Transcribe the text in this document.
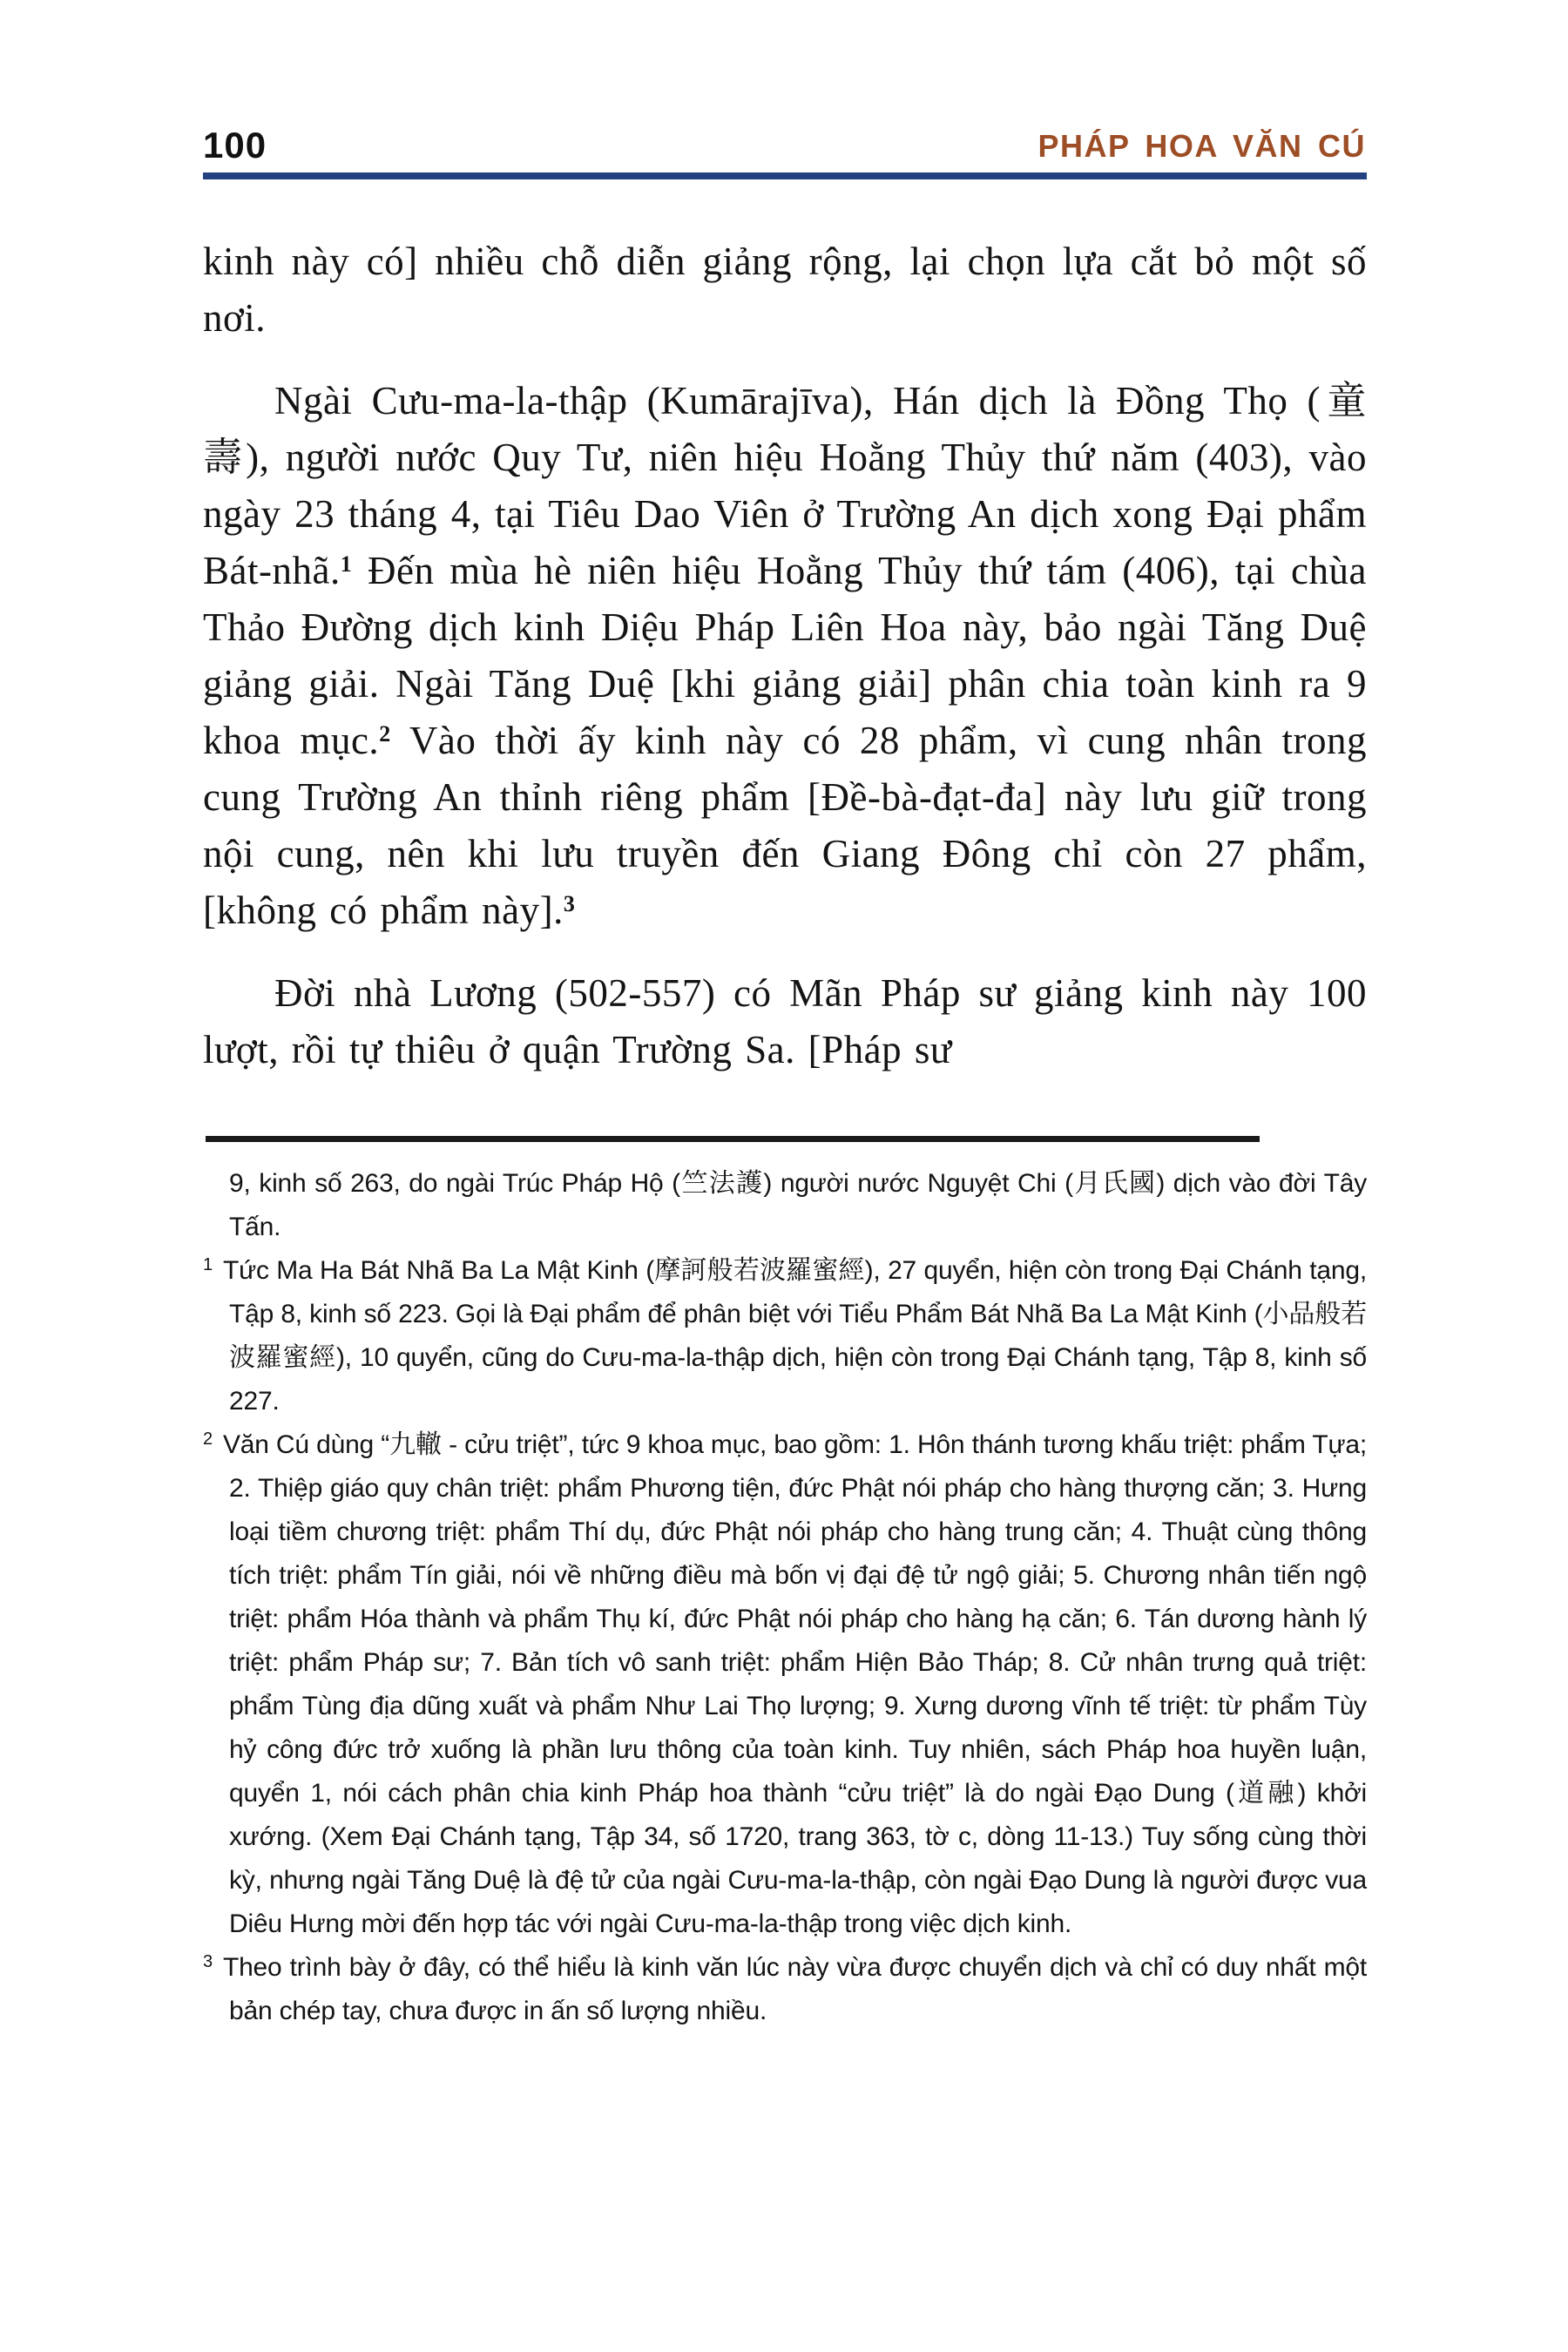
100	PHÁP HOA VĂN CÚ

kinh này có] nhiều chỗ diễn giảng rộng, lại chọn lựa cắt bỏ một số nơi.

Ngài Cưu-ma-la-thập (Kumārajīva), Hán dịch là Đồng Thọ (童壽), người nước Quy Tư, niên hiệu Hoằng Thủy thứ năm (403), vào ngày 23 tháng 4, tại Tiêu Dao Viên ở Trường An dịch xong Đại phẩm Bát-nhã.$^1$ Đến mùa hè niên hiệu Hoằng Thủy thứ tám (406), tại chùa Thảo Đường dịch kinh Diệu Pháp Liên Hoa này, bảo ngài Tăng Duệ giảng giải. Ngài Tăng Duệ [khi giảng giải] phân chia toàn kinh ra 9 khoa mục.$^2$ Vào thời ấy kinh này có 28 phẩm, vì cung nhân trong cung Trường An thỉnh riêng phẩm [Đề-bà-đạt-đa] này lưu giữ trong nội cung, nên khi lưu truyền đến Giang Đông chỉ còn 27 phẩm, [không có phẩm này].$^3$

Đời nhà Lương (502-557) có Mãn Pháp sư giảng kinh này 100 lượt, rồi tự thiêu ở quận Trường Sa. [Pháp sư

9, kinh số 263, do ngài Trúc Pháp Hộ (竺法護) người nước Nguyệt Chi (月氏國) dịch vào đời Tây Tấn.

$^1$ Tức Ma Ha Bát Nhã Ba La Mật Kinh (摩訶般若波羅蜜經), 27 quyển, hiện còn trong Đại Chánh tạng, Tập 8, kinh số 223. Gọi là Đại phẩm để phân biệt với Tiểu Phẩm Bát Nhã Ba La Mật Kinh (小品般若波羅蜜經), 10 quyển, cũng do Cưu-ma-la-thập dịch, hiện còn trong Đại Chánh tạng, Tập 8, kinh số 227.

$^2$ Văn Cú dùng “九轍 - cửu triệt”, tức 9 khoa mục, bao gồm: 1. Hôn thánh tương khấu triệt: phẩm Tựa; 2. Thiệp giáo quy chân triệt: phẩm Phương tiện, đức Phật nói pháp cho hàng thượng căn; 3. Hưng loại tiềm chương triệt: phẩm Thí dụ, đức Phật nói pháp cho hàng trung căn; 4. Thuật cùng thông tích triệt: phẩm Tín giải, nói về những điều mà bốn vị đại đệ tử ngộ giải; 5. Chương nhân tiến ngộ triệt: phẩm Hóa thành và phẩm Thụ kí, đức Phật nói pháp cho hàng hạ căn; 6. Tán dương hành lý triệt: phẩm Pháp sư; 7. Bản tích vô sanh triệt: phẩm Hiện Bảo Tháp; 8. Cử nhân trưng quả triệt: phẩm Tùng địa dũng xuất và phẩm Như Lai Thọ lượng; 9. Xưng dương vĩnh tế triệt: từ phẩm Tùy hỷ công đức trở xuống là phần lưu thông của toàn kinh. Tuy nhiên, sách Pháp hoa huyền luận, quyển 1, nói cách phân chia kinh Pháp hoa thành “cửu triệt” là do ngài Đạo Dung (道融) khởi xướng. (Xem Đại Chánh tạng, Tập 34, số 1720, trang 363, tờ c, dòng 11-13.) Tuy sống cùng thời kỳ, nhưng ngài Tăng Duệ là đệ tử của ngài Cưu-ma-la-thập, còn ngài Đạo Dung là người được vua Diêu Hưng mời đến hợp tác với ngài Cưu-ma-la-thập trong việc dịch kinh.

$^3$ Theo trình bày ở đây, có thể hiểu là kinh văn lúc này vừa được chuyển dịch và chỉ có duy nhất một bản chép tay, chưa được in ấn số lượng nhiều.
